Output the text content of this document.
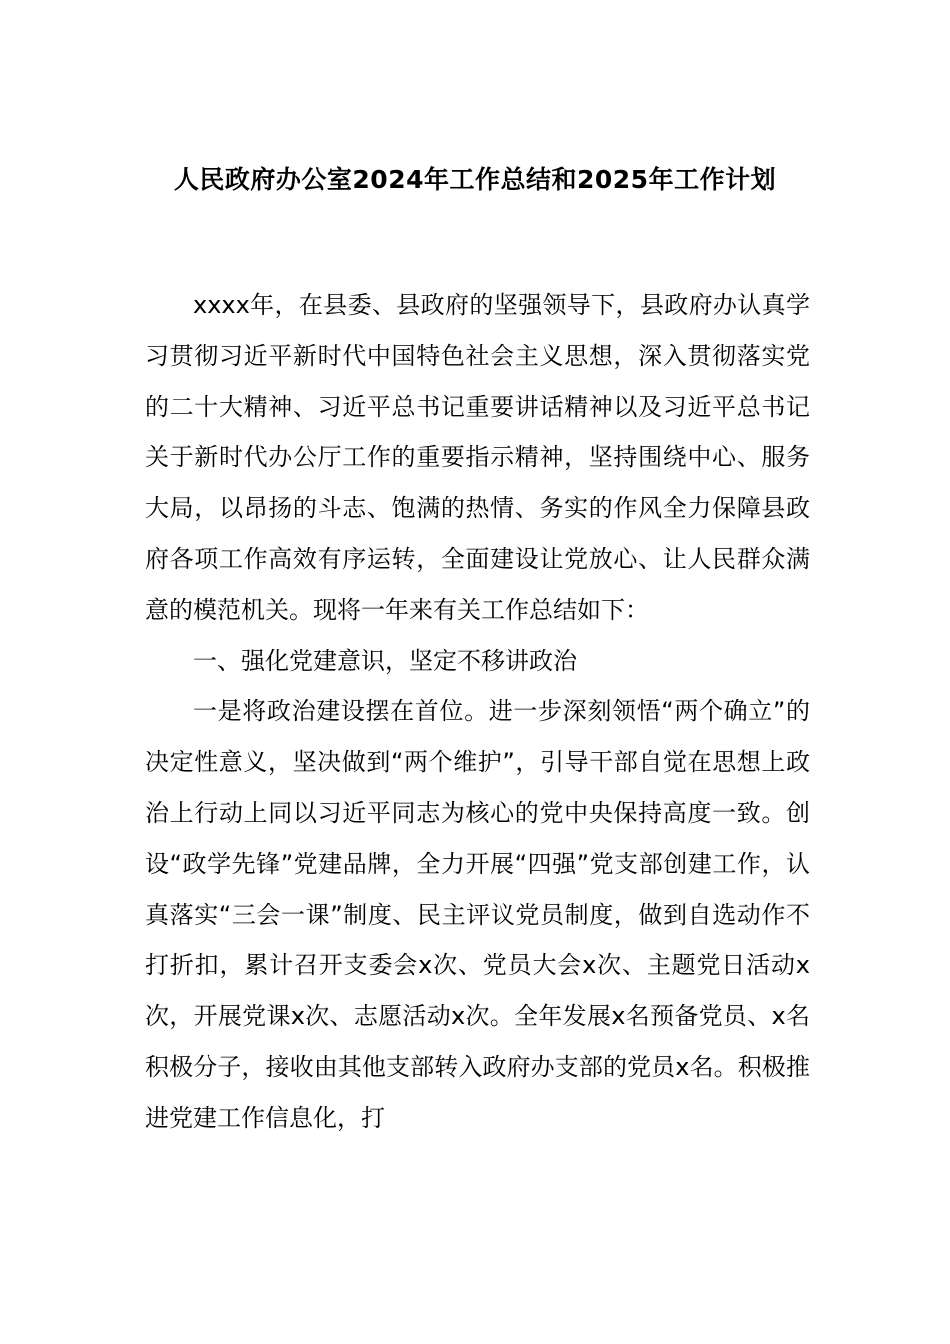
人民政府办公室2024年工作总结和2025年工作计划

xxxx年，在县委、县政府的坚强领导下，县政府办认真学习贯彻习近平新时代中国特色社会主义思想，深入贯彻落实党的二十大精神、习近平总书记重要讲话精神以及习近平总书记关于新时代办公厅工作的重要指示精神，坚持围绕中心、服务大局，以昂扬的斗志、饱满的热情、务实的作风全力保障县政府各项工作高效有序运转，全面建设让党放心、让人民群众满意的模范机关。现将一年来有关工作总结如下：

一、强化党建意识，坚定不移讲政治

一是将政治建设摆在首位。进一步深刻领悟“两个确立”的决定性意义，坚决做到“两个维护”，引导干部自觉在思想上政治上行动上同以习近平同志为核心的党中央保持高度一致。创设“政学先锋”党建品牌，全力开展“四强”党支部创建工作，认真落实“三会一课”制度、民主评议党员制度，做到自选动作不打折扣，累计召开支委会x次、党员大会x次、主题党日活动x次，开展党课x次、志愿活动x次。全年发展x名预备党员、x名积极分子，接收由其他支部转入政府办支部的党员x名。积极推进党建工作信息化，打
